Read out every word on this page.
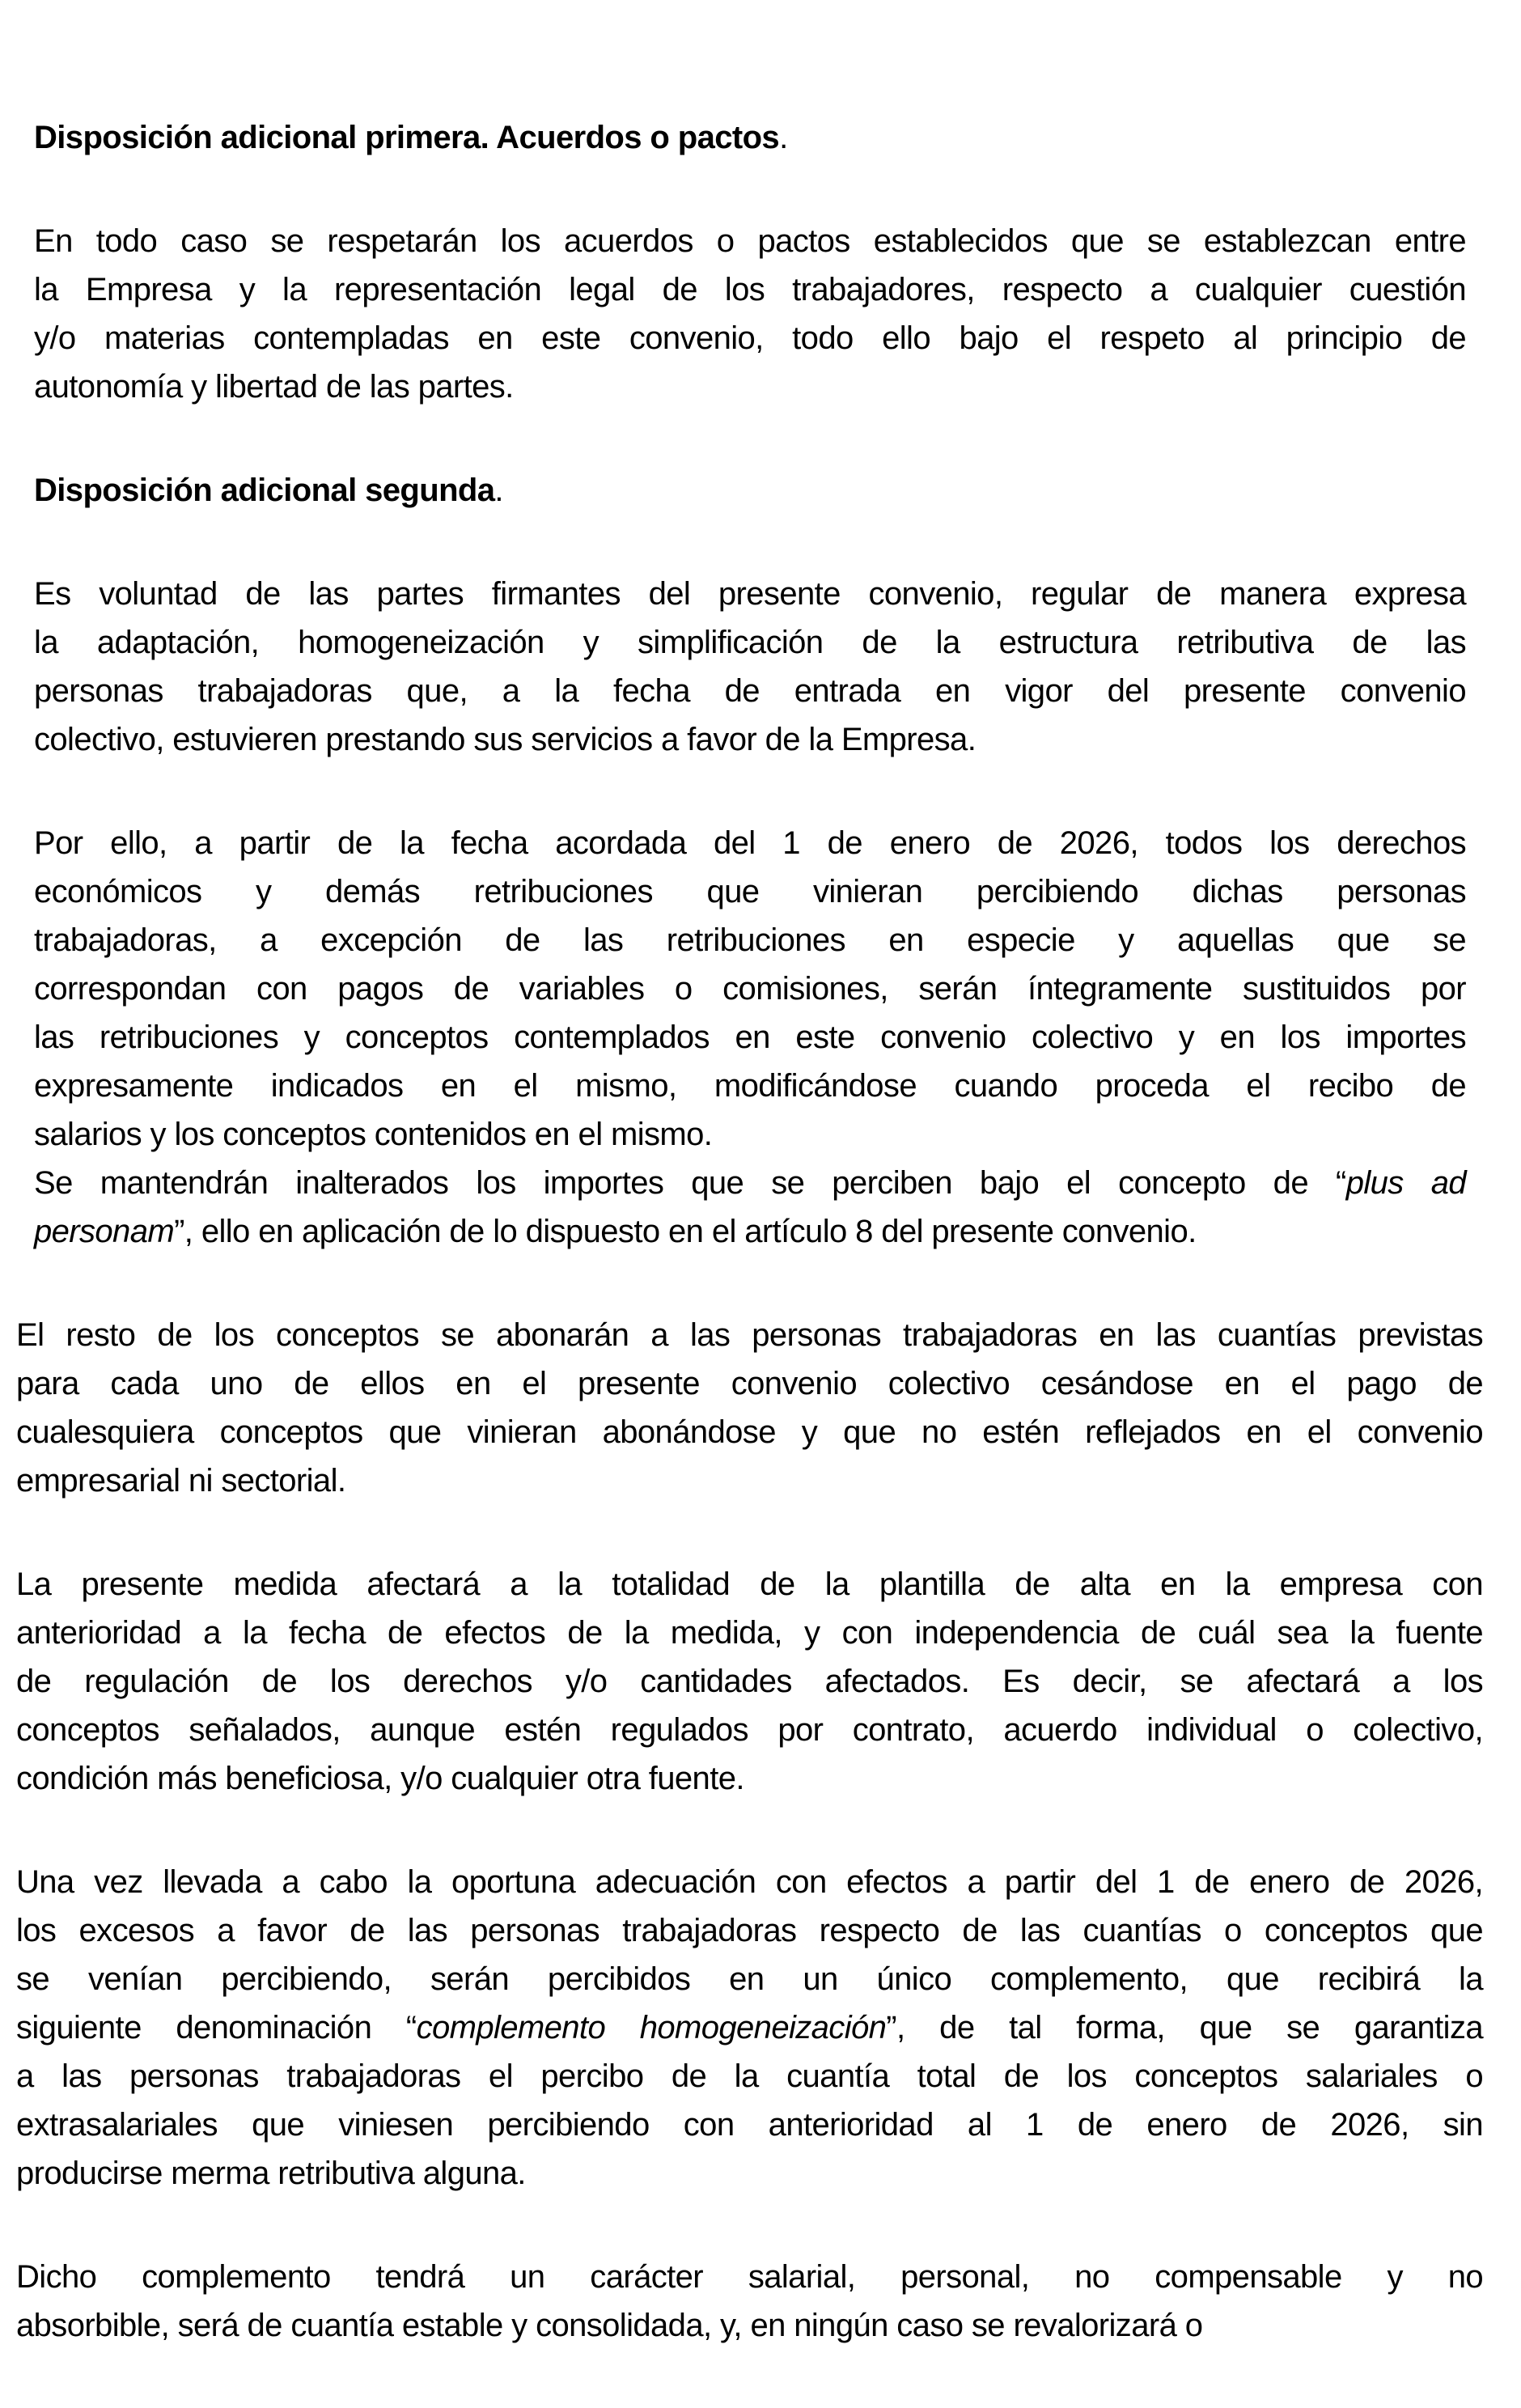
Disposición adicional primera. Acuerdos o pactos.
En todo caso se respetarán los acuerdos o pactos establecidos que se establezcan entre
la Empresa y la representación legal de los trabajadores, respecto a cualquier cuestión
y/o materias contempladas en este convenio, todo ello bajo el respeto al principio de
autonomía y libertad de las partes.
Disposición adicional segunda.
Es voluntad de las partes firmantes del presente convenio, regular de manera expresa
la adaptación, homogeneización y simplificación de la estructura retributiva de las
personas trabajadoras que, a la fecha de entrada en vigor del presente convenio
colectivo, estuvieren prestando sus servicios a favor de la Empresa.
Por ello, a partir de la fecha acordada del 1 de enero de 2026, todos los derechos
económicos y demás retribuciones que vinieran percibiendo dichas personas
trabajadoras, a excepción de las retribuciones en especie y aquellas que se
correspondan con pagos de variables o comisiones, serán íntegramente sustituidos por
las retribuciones y conceptos contemplados en este convenio colectivo y en los importes
expresamente indicados en el mismo, modificándose cuando proceda el recibo de
salarios y los conceptos contenidos en el mismo.
Se mantendrán inalterados los importes que se perciben bajo el concepto de “plus ad
personam”, ello en aplicación de lo dispuesto en el artículo 8 del presente convenio.
El resto de los conceptos se abonarán a las personas trabajadoras en las cuantías previstas
para cada uno de ellos en el presente convenio colectivo cesándose en el pago de
cualesquiera conceptos que vinieran abonándose y que no estén reflejados en el convenio
empresarial ni sectorial.
La presente medida afectará a la totalidad de la plantilla de alta en la empresa con
anterioridad a la fecha de efectos de la medida, y con independencia de cuál sea la fuente
de regulación de los derechos y/o cantidades afectados. Es decir, se afectará a los
conceptos señalados, aunque estén regulados por contrato, acuerdo individual o colectivo,
condición más beneficiosa, y/o cualquier otra fuente.
Una vez llevada a cabo la oportuna adecuación con efectos a partir del 1 de enero de 2026,
los excesos a favor de las personas trabajadoras respecto de las cuantías o conceptos que
se venían percibiendo, serán percibidos en un único complemento, que recibirá la
siguiente denominación “complemento homogeneización”, de tal forma, que se garantiza
a las personas trabajadoras el percibo de la cuantía total de los conceptos salariales o
extrasalariales que viniesen percibiendo con anterioridad al 1 de enero de 2026, sin
producirse merma retributiva alguna.
Dicho complemento tendrá un carácter salarial, personal, no compensable y no
absorbible, será de cuantía estable y consolidada, y, en ningún caso se revalorizará o
